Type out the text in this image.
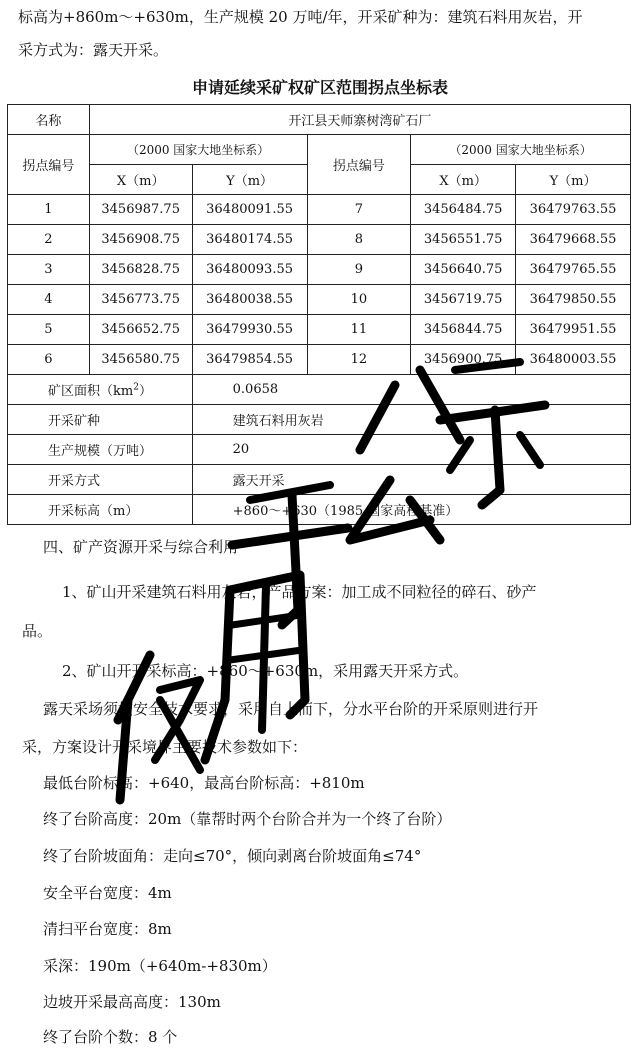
标高为+860m～+630m，生产规模 20 万吨/年，开采矿种为：建筑石料用灰岩，开
采方式为：露天开采。
申请延续采矿权矿区范围拐点坐标表
名称	开江县天师寨树湾矿石厂				
拐点编号	（2000 国家大地坐标系）		拐点编号	（2000 国家大地坐标系）	
	X（m）	Y（m）		X（m）	Y（m）
1	3456987.75	36480091.55	7	3456484.75	36479763.55
2	3456908.75	36480174.55	8	3456551.75	36479668.55
3	3456828.75	36480093.55	9	3456640.75	36479765.55
4	3456773.75	36480038.55	10	3456719.75	36479850.55
5	3456652.75	36479930.55	11	3456844.75	36479951.55
6	3456580.75	36479854.55	12	3456900.75	36480003.55
矿区面积$(km^2)$		0.0658			
开采矿种		建筑石料用灰岩			
生产规模（万吨）		20			
开采方式		露天开采			
开采标高（m）		+860～+630（1985 国家高程基准）			
四、矿产资源开采与综合利用
1、矿山开采建筑石料用灰岩，产品方案：加工成不同粒径的碎石、砂产
品。
2、矿山开开采标高：+860～+630m，采用露天开采方式。
露天采场须按安全技术要求，采用自上而下，分水平台阶的开采原则进行开
采，方案设计开采境界主要技术参数如下：
最低台阶标高：+640，最高台阶标高：+810m
终了台阶高度：20m（靠帮时两个台阶合并为一个终了台阶）
终了台阶坡面角：走向≤70°，倾向剥离台阶坡面角≤74°
安全平台宽度：4m
清扫平台宽度：8m
采深：190m（+640m-+830m）
边坡开采最高高度：130m
终了台阶个数：8 个
